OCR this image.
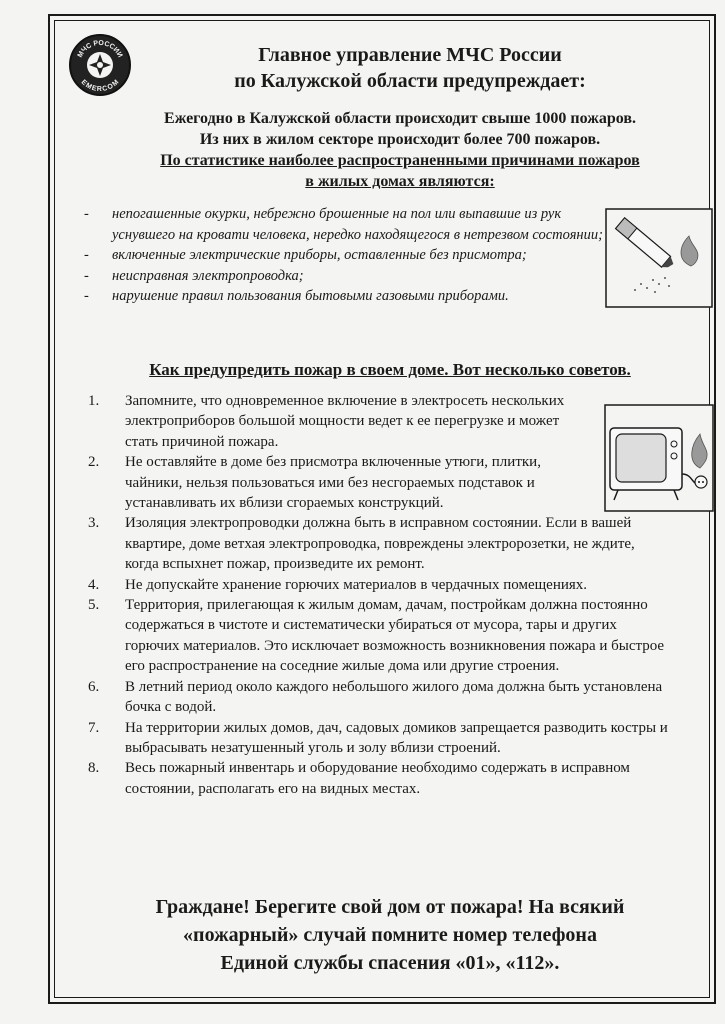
МЧС РОССИИ
EMERCOM
Главное управление МЧС России
по Калужской области предупреждает:
Ежегодно в Калужской области происходит свыше 1000 пожаров.
Из них в жилом секторе происходит более 700 пожаров.
По статистике наиболее распространенными причинами пожаров
в жилых домах являются:
- непогашенные окурки, небрежно брошенные на пол или выпавшие из рук уснувшего на кровати человека, нередко находящегося в нетрезвом состоянии;
- включенные электрические приборы, оставленные без присмотра;
- неисправная электропроводка;
- нарушение правил пользования бытовыми газовыми приборами.
Как предупредить пожар в своем доме. Вот несколько советов.
1. Запомните, что одновременное включение в электросеть нескольких электроприборов большой мощности ведет к ее перегрузке и может стать причиной пожара.
2. Не оставляйте в доме без присмотра включенные утюги, плитки, чайники, нельзя пользоваться ими без несгораемых подставок и устанавливать их вблизи сгораемых конструкций.
3. Изоляция электропроводки должна быть в исправном состоянии. Если в вашей квартире, доме ветхая электропроводка, повреждены электророзетки, не ждите, когда вспыхнет пожар, произведите их ремонт.
4. Не допускайте хранение горючих материалов в чердачных помещениях.
5. Территория, прилегающая к жилым домам, дачам, постройкам должна постоянно содержаться в чистоте и систематически убираться от мусора, тары и других горючих материалов. Это исключает возможность возникновения пожара и быстрое его распространение на соседние жилые дома или другие строения.
6. В летний период около каждого небольшого жилого дома должна быть установлена бочка с водой.
7. На территории жилых домов, дач, садовых домиков запрещается разводить костры и выбрасывать незатушенный уголь и золу вблизи строений.
8. Весь пожарный инвентарь и оборудование необходимо содержать в исправном состоянии, располагать его на видных местах.
Граждане! Берегите свой дом от пожара! На всякий
«пожарный» случай помните номер телефона
Единой службы спасения «01», «112».
